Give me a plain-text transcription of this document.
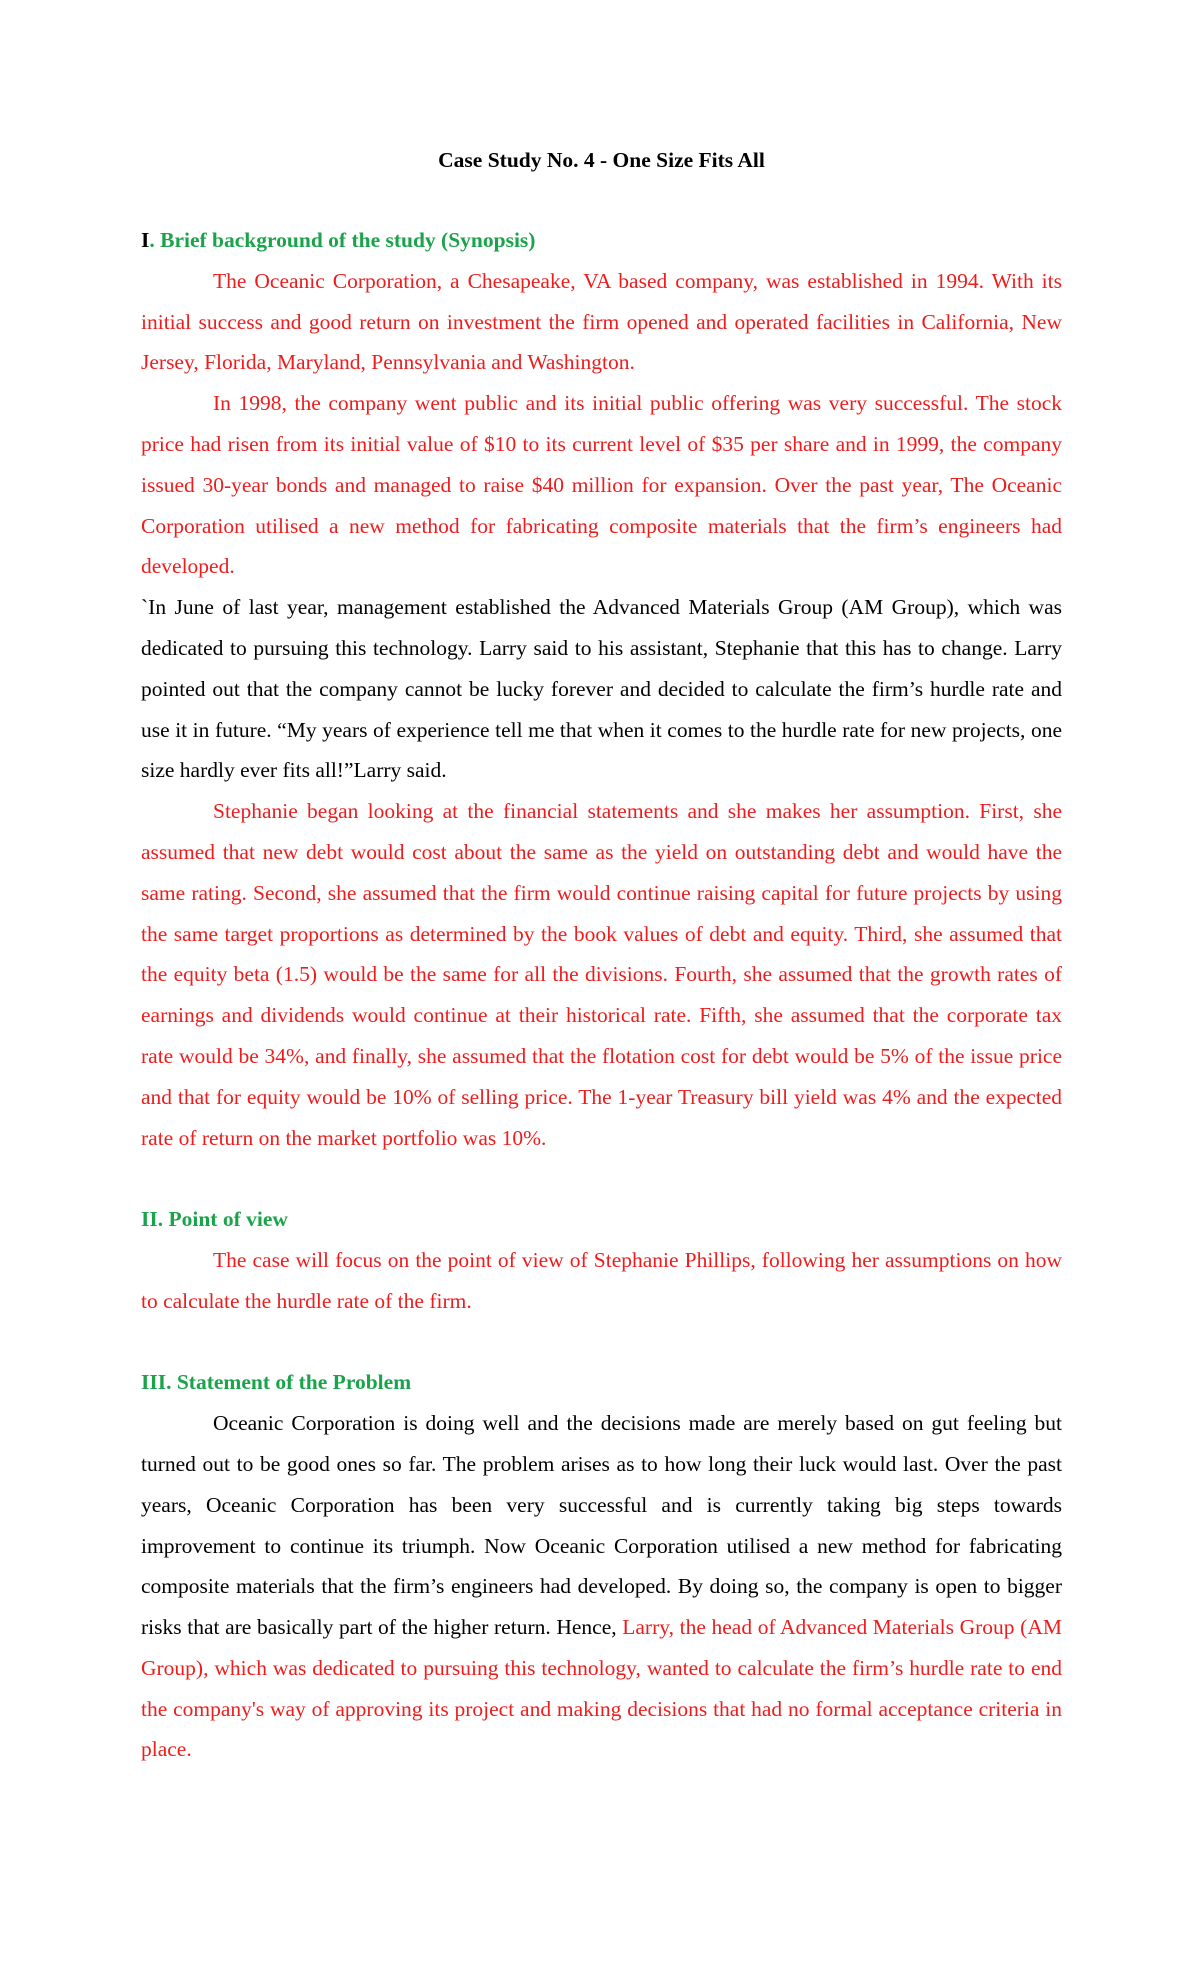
Case Study No. 4 - One Size Fits All
I. Brief background of the study (Synopsis)

The Oceanic Corporation, a Chesapeake, VA based company, was established in 1994. With its initial success and good return on investment the firm opened and operated facilities in California, New Jersey, Florida, Maryland, Pennsylvania and Washington.

In 1998, the company went public and its initial public offering was very successful. The stock price had risen from its initial value of $10 to its current level of $35 per share and in 1999, the company issued 30-year bonds and managed to raise $40 million for expansion. Over the past year, The Oceanic Corporation utilised a new method for fabricating composite materials that the firm’s engineers had developed.

`In June of last year, management established the Advanced Materials Group (AM Group), which was dedicated to pursuing this technology. Larry said to his assistant, Stephanie that this has to change. Larry pointed out that the company cannot be lucky forever and decided to calculate the firm’s hurdle rate and use it in future. “My years of experience tell me that when it comes to the hurdle rate for new projects, one size hardly ever fits all!”Larry said.

Stephanie began looking at the financial statements and she makes her assumption. First, she assumed that new debt would cost about the same as the yield on outstanding debt and would have the same rating. Second, she assumed that the firm would continue raising capital for future projects by using the same target proportions as determined by the book values of debt and equity. Third, she assumed that the equity beta (1.5) would be the same for all the divisions. Fourth, she assumed that the growth rates of earnings and dividends would continue at their historical rate. Fifth, she assumed that the corporate tax rate would be 34%, and finally, she assumed that the flotation cost for debt would be 5% of the issue price and that for equity would be 10% of selling price. The 1-year Treasury bill yield was 4% and the expected rate of return on the market portfolio was 10%.

II. Point of view

The case will focus on the point of view of Stephanie Phillips, following her assumptions on how to calculate the hurdle rate of the firm.

III. Statement of the Problem

Oceanic Corporation is doing well and the decisions made are merely based on gut feeling but turned out to be good ones so far. The problem arises as to how long their luck would last. Over the past years, Oceanic Corporation has been very successful and is currently taking big steps towards improvement to continue its triumph. Now Oceanic Corporation utilised a new method for fabricating composite materials that the firm’s engineers had developed. By doing so, the company is open to bigger risks that are basically part of the higher return. Hence, Larry, the head of Advanced Materials Group (AM Group), which was dedicated to pursuing this technology, wanted to calculate the firm’s hurdle rate to end the company's way of approving its project and making decisions that had no formal acceptance criteria in place.
